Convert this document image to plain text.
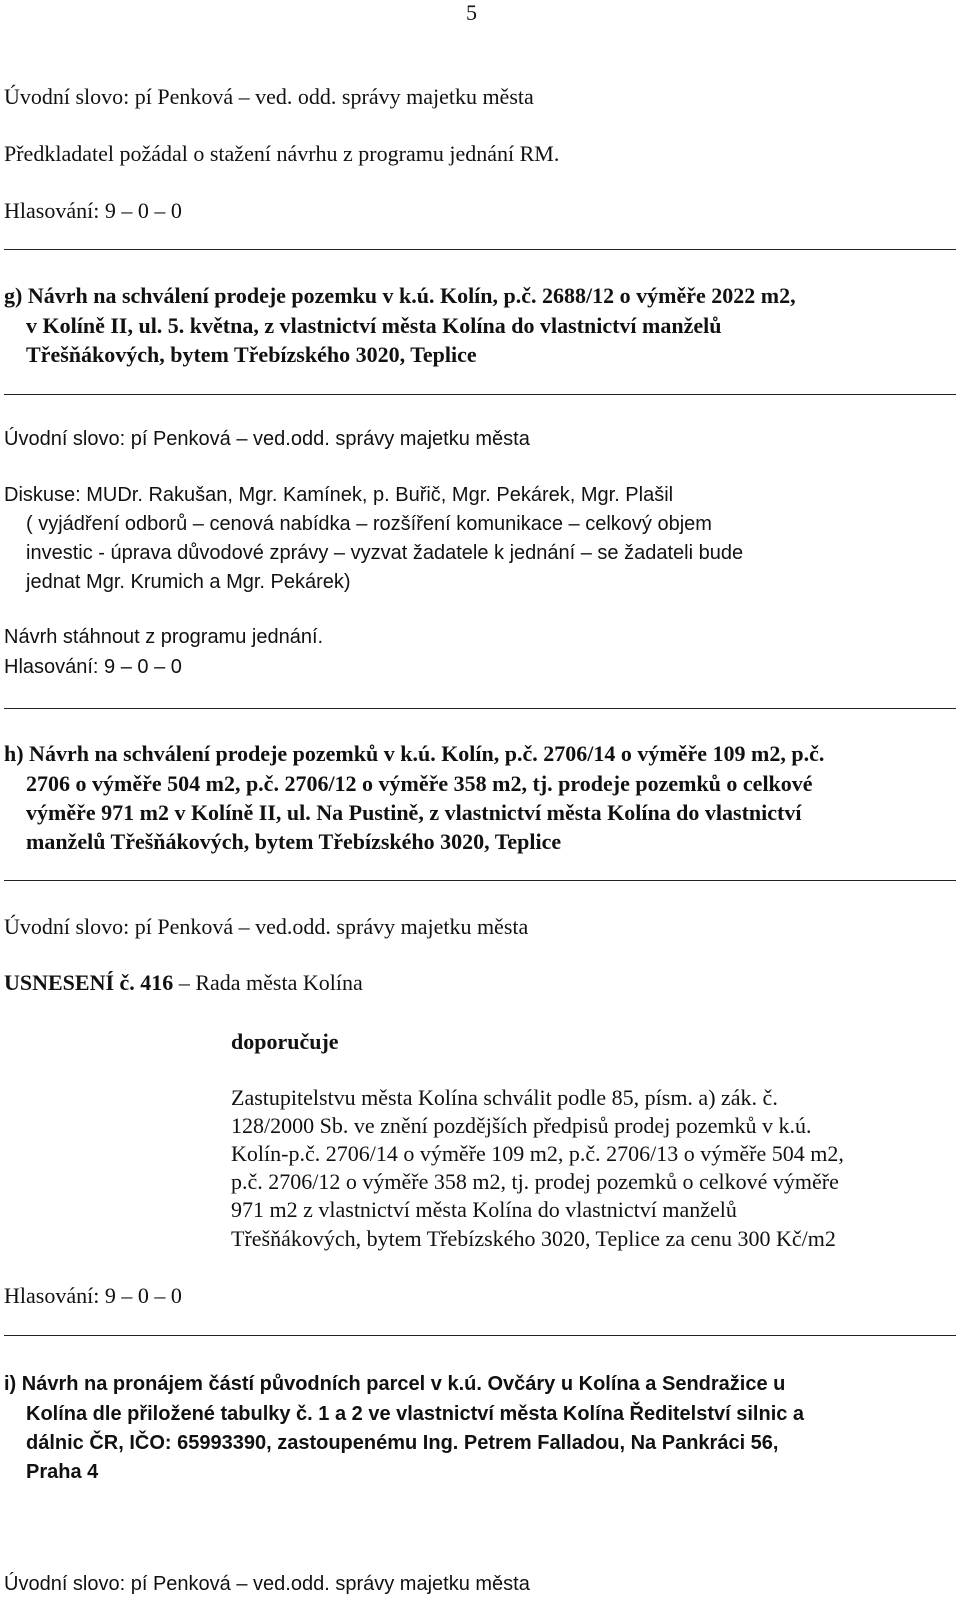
5
Úvodní slovo: pí Penková – ved. odd. správy majetku města
Předkladatel požádal o stažení návrhu z programu jednání RM.
Hlasování: 9 – 0 – 0
g) Návrh na schválení prodeje pozemku v k.ú. Kolín, p.č. 2688/12 o výměře 2022 m2,
v Kolíně II, ul. 5. května, z vlastnictví města Kolína do vlastnictví manželů
Třešňákových, bytem Třebízského 3020, Teplice
Úvodní slovo: pí Penková – ved.odd. správy majetku města
Diskuse: MUDr. Rakušan, Mgr. Kamínek, p. Buřič, Mgr. Pekárek, Mgr. Plašil
( vyjádření odborů – cenová nabídka – rozšíření komunikace – celkový objem
investic - úprava důvodové zprávy – vyzvat žadatele k jednání – se žadateli bude
jednat Mgr. Krumich a Mgr. Pekárek)
Návrh stáhnout z programu jednání.
Hlasování: 9 – 0 – 0
h) Návrh na schválení prodeje pozemků v k.ú. Kolín, p.č. 2706/14 o výměře 109 m2, p.č.
2706 o výměře 504 m2, p.č. 2706/12 o výměře 358 m2, tj. prodeje pozemků o celkové
výměře 971 m2 v Kolíně II, ul. Na Pustině, z vlastnictví města Kolína do vlastnictví
manželů Třešňákových, bytem Třebízského 3020, Teplice
Úvodní slovo: pí Penková – ved.odd. správy majetku města
USNESENÍ č. 416 – Rada města Kolína
doporučuje
Zastupitelstvu města Kolína schválit podle 85, písm. a) zák. č.
128/2000 Sb. ve znění pozdějších předpisů prodej pozemků v k.ú.
Kolín-p.č. 2706/14 o výměře 109 m2, p.č. 2706/13 o výměře 504 m2,
p.č. 2706/12 o výměře 358 m2, tj. prodej pozemků o celkové výměře
971 m2 z vlastnictví města Kolína do vlastnictví manželů
Třešňákových, bytem Třebízského 3020, Teplice za cenu 300 Kč/m2
Hlasování: 9 – 0 – 0
i) Návrh na pronájem částí původních parcel v k.ú. Ovčáry u Kolína a Sendražice u
Kolína dle přiložené tabulky č. 1 a 2 ve vlastnictví města Kolína Ředitelství silnic a
dálnic ČR, IČO: 65993390, zastoupenému Ing. Petrem Falladou, Na Pankráci 56,
Praha 4
Úvodní slovo: pí Penková – ved.odd. správy majetku města
